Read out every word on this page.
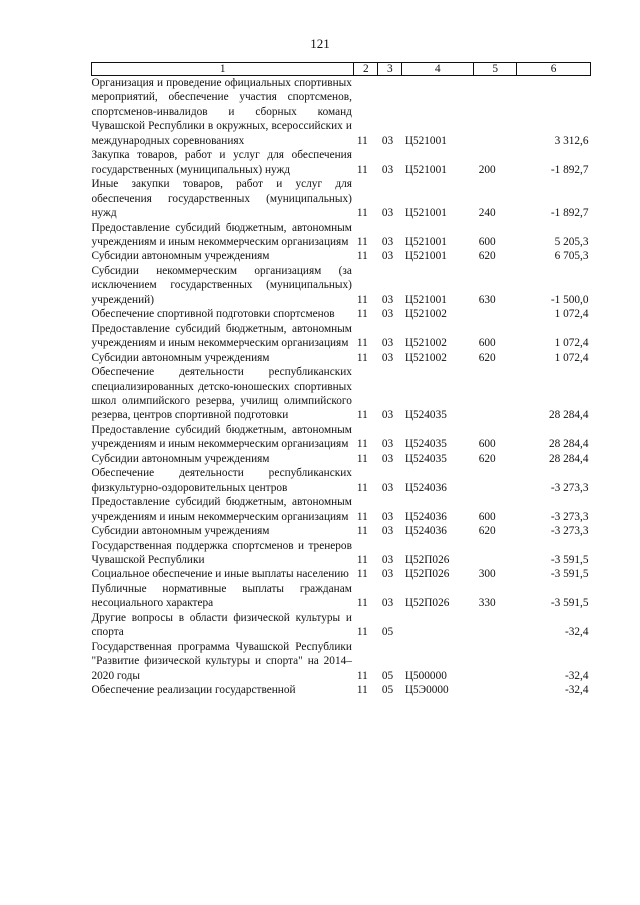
121
1	2	3	4	5	6
Организация и проведение официальных спортивных мероприятий, обеспечение участия спортсменов, спортсменов-инвалидов и сборных команд Чувашской Республики в окружных, всероссийских и международных соревнованиях	11	03	Ц521001		3 312,6
Закупка товаров, работ и услуг для обеспечения государственных (муниципальных) нужд	11	03	Ц521001	200	-1 892,7
Иные закупки товаров, работ и услуг для обеспечения государственных (муниципальных) нужд	11	03	Ц521001	240	-1 892,7
Предоставление субсидий бюджетным, автономным учреждениям и иным некоммерческим организациям	11	03	Ц521001	600	5 205,3
Субсидии автономным учреждениям	11	03	Ц521001	620	6 705,3
Субсидии некоммерческим организациям (за исключением государственных (муниципальных) учреждений)	11	03	Ц521001	630	-1 500,0
Обеспечение спортивной подготовки спортсменов	11	03	Ц521002		1 072,4
Предоставление субсидий бюджетным, автономным учреждениям и иным некоммерческим организациям	11	03	Ц521002	600	1 072,4
Субсидии автономным учреждениям	11	03	Ц521002	620	1 072,4
Обеспечение деятельности республиканских специализированных детско-юношеских спортивных школ олимпийского резерва, училищ олимпийского резерва, центров спортивной подготовки	11	03	Ц524035		28 284,4
Предоставление субсидий бюджетным, автономным учреждениям и иным некоммерческим организациям	11	03	Ц524035	600	28 284,4
Субсидии автономным учреждениям	11	03	Ц524035	620	28 284,4
Обеспечение деятельности республиканских физкультурно-оздоровительных центров	11	03	Ц524036		-3 273,3
Предоставление субсидий бюджетным, автономным учреждениям и иным некоммерческим организациям	11	03	Ц524036	600	-3 273,3
Субсидии автономным учреждениям	11	03	Ц524036	620	-3 273,3
Государственная поддержка спортсменов и тренеров Чувашской Республики	11	03	Ц52П026		-3 591,5
Социальное обеспечение и иные выплаты населению	11	03	Ц52П026	300	-3 591,5
Публичные нормативные выплаты гражданам несоциального характера	11	03	Ц52П026	330	-3 591,5
Другие вопросы в области физической культуры и спорта	11	05			-32,4
Государственная программа Чувашской Республики "Развитие физической культуры и спорта" на 2014–2020 годы	11	05	Ц500000		-32,4
Обеспечение реализации государственной	11	05	Ц5Э0000		-32,4
